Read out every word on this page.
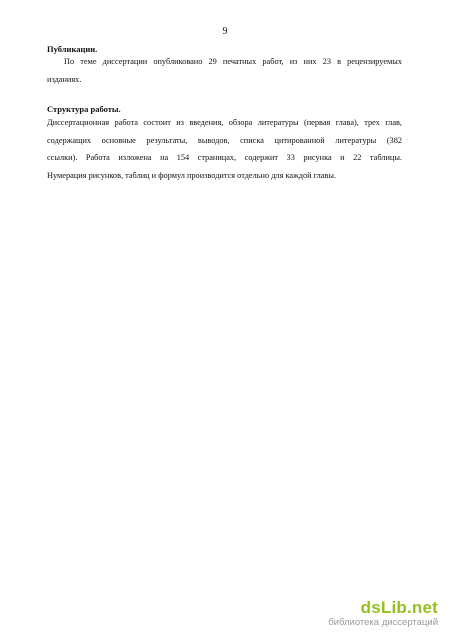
9
Публикации.
По теме диссертации опубликовано 29 печатных работ, из них 23 в рецензируемых
изданиях.
Структура работы.
Диссертационная работа состоит из введения, обзора литературы (первая глава), трех глав,
содержащих основные результаты, выводов, списка цитированной литературы (382
ссылки). Работа изложена на 154 страницах, содержит 33 рисунка и 22 таблицы.
Нумерация рисунков, таблиц и формул производится отдельно для каждой главы.
dsLib.net
библиотека диссертаций
